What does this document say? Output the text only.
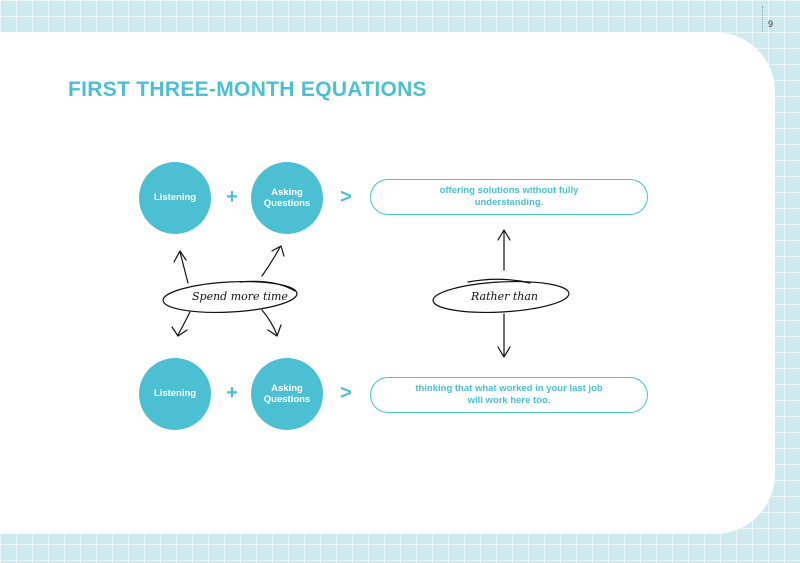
9
FIRST THREE-MONTH EQUATIONS
Listening	+	Asking Questions >	offering solutions without fully understanding.
Listening	+	Asking Questions >	thinking that what worked in your last job will work here too.
Spend more time	Rather than
